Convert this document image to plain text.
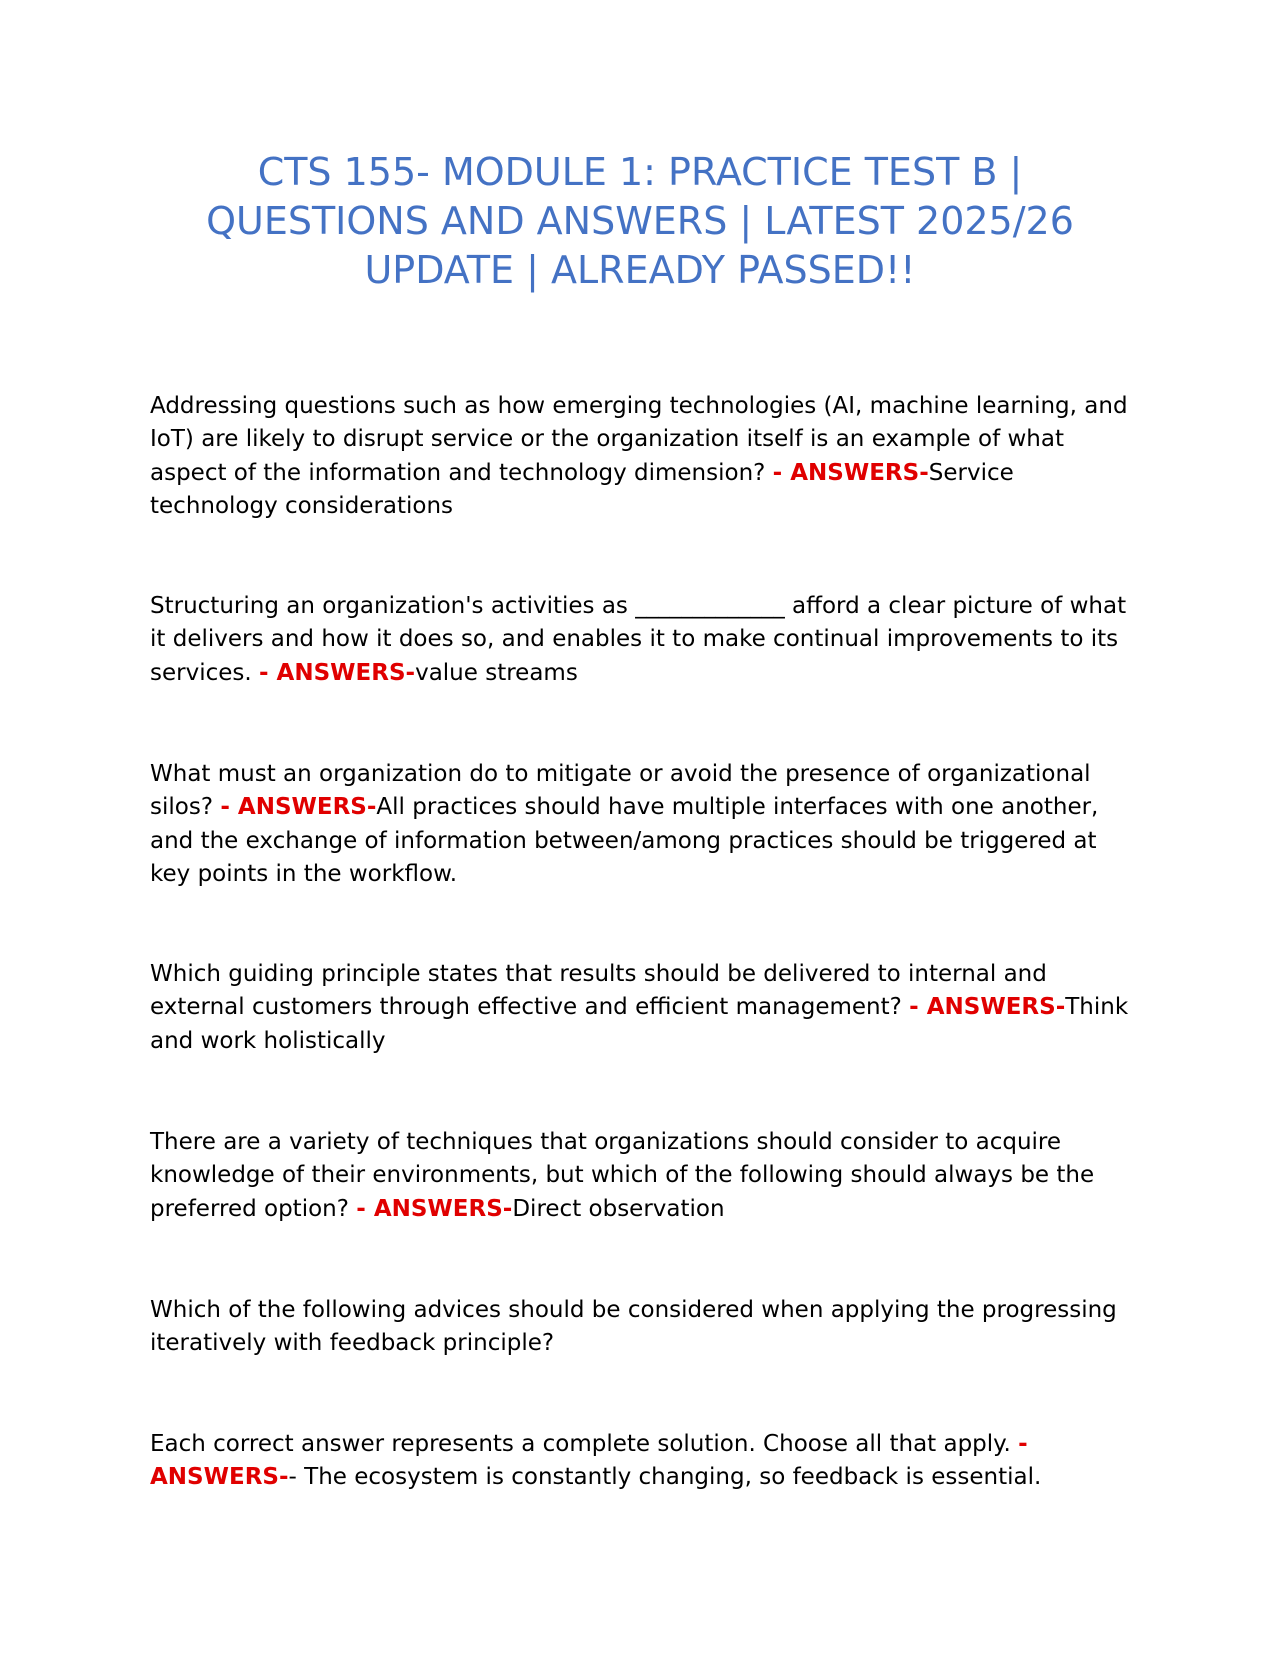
CTS 155- MODULE 1: PRACTICE TEST B |
QUESTIONS AND ANSWERS | LATEST 2025/26
UPDATE | ALREADY PASSED!!

Addressing questions such as how emerging technologies (AI, machine learning, and IoT) are likely to disrupt service or the organization itself is an example of what aspect of the information and technology dimension? - ANSWERS-Service technology considerations

Structuring an organization's activities as _____________ afford a clear picture of what it delivers and how it does so, and enables it to make continual improvements to its services. - ANSWERS-value streams

What must an organization do to mitigate or avoid the presence of organizational silos? - ANSWERS-All practices should have multiple interfaces with one another, and the exchange of information between/among practices should be triggered at key points in the workflow.

Which guiding principle states that results should be delivered to internal and external customers through effective and efficient management? - ANSWERS-Think and work holistically

There are a variety of techniques that organizations should consider to acquire knowledge of their environments, but which of the following should always be the preferred option? - ANSWERS-Direct observation

Which of the following advices should be considered when applying the progressing iteratively with feedback principle?

Each correct answer represents a complete solution. Choose all that apply. - ANSWERS-- The ecosystem is constantly changing, so feedback is essential.
